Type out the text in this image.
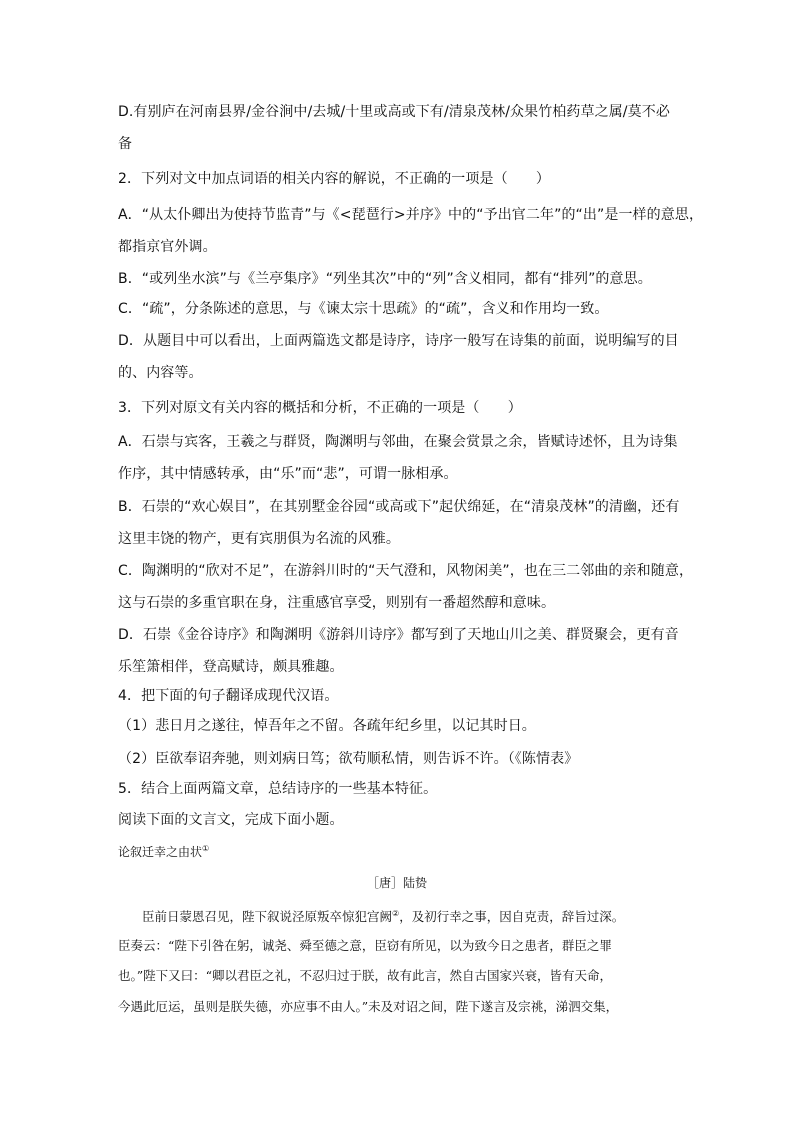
D.有别庐在河南县界/金谷涧中/去城/十里或高或下有/清泉茂林/众果竹柏药草之属/莫不必
备
2．下列对文中加点词语的相关内容的解说，不正确的一项是（　　）
A．“从太仆卿出为使持节监青”与《<琵琶行>并序》中的“予出官二年”的“出”是一样的意思，
都指京官外调。
B．“或列坐水滨”与《兰亭集序》“列坐其次”中的“列”含义相同，都有“排列”的意思。
C．“疏”，分条陈述的意思，与《谏太宗十思疏》的“疏”，含义和作用均一致。
D．从题目中可以看出，上面两篇选文都是诗序，诗序一般写在诗集的前面，说明编写的目
的、内容等。
3．下列对原文有关内容的概括和分析，不正确的一项是（　　）
A．石崇与宾客，王羲之与群贤，陶渊明与邻曲，在聚会赏景之余，皆赋诗述怀，且为诗集
作序，其中情感转承，由“乐”而“悲”，可谓一脉相承。
B．石崇的“欢心娱目”，在其别墅金谷园“或高或下”起伏绵延，在“清泉茂林”的清幽，还有
这里丰饶的物产，更有宾朋俱为名流的风雅。
C．陶渊明的“欣对不足”，在游斜川时的“天气澄和，风物闲美”，也在三二邻曲的亲和随意，
这与石崇的多重官职在身，注重感官享受，则别有一番超然醇和意味。
D．石崇《金谷诗序》和陶渊明《游斜川诗序》都写到了天地山川之美、群贤聚会，更有音
乐笙箫相伴，登高赋诗，颇具雅趣。
4．把下面的句子翻译成现代汉语。
（1）悲日月之遂往，悼吾年之不留。各疏年纪乡里，以记其时日。
（2）臣欲奉诏奔驰，则刘病日笃；欲苟顺私情，则告诉不许。（《陈情表》
5．结合上面两篇文章，总结诗序的一些基本特征。
阅读下面的文言文，完成下面小题。
论叙迁幸之由状①
［唐］陆贽
臣前日蒙恩召见，陛下叙说泾原叛卒惊犯宫阙②，及初行幸之事，因自克责，辞旨过深。
臣奏云：“陛下引咎在躬，诚尧、舜至德之意，臣窃有所见，以为致今日之患者，群臣之罪
也。”陛下又曰：“卿以君臣之礼，不忍归过于朕，故有此言，然自古国家兴衰，皆有天命，
今遇此厄运，虽则是朕失德，亦应事不由人。”未及对诏之间，陛下遂言及宗祧，涕泗交集，
